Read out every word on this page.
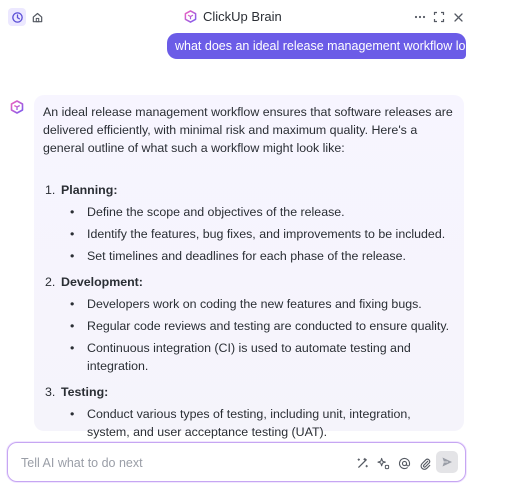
ClickUp Brain
what does an ideal release management workflow look like?

An ideal release management workflow ensures that software releases are delivered efficiently, with minimal risk and maximum quality. Here's a general outline of what such a workflow might look like:

1. Planning:
• Define the scope and objectives of the release.
• Identify the features, bug fixes, and improvements to be included.
• Set timelines and deadlines for each phase of the release.
2. Development:
• Developers work on coding the new features and fixing bugs.
• Regular code reviews and testing are conducted to ensure quality.
• Continuous integration (CI) is used to automate testing and integration.
3. Testing:
• Conduct various types of testing, including unit, integration, system, and user acceptance testing (UAT).
•
Tell AI what to do next
